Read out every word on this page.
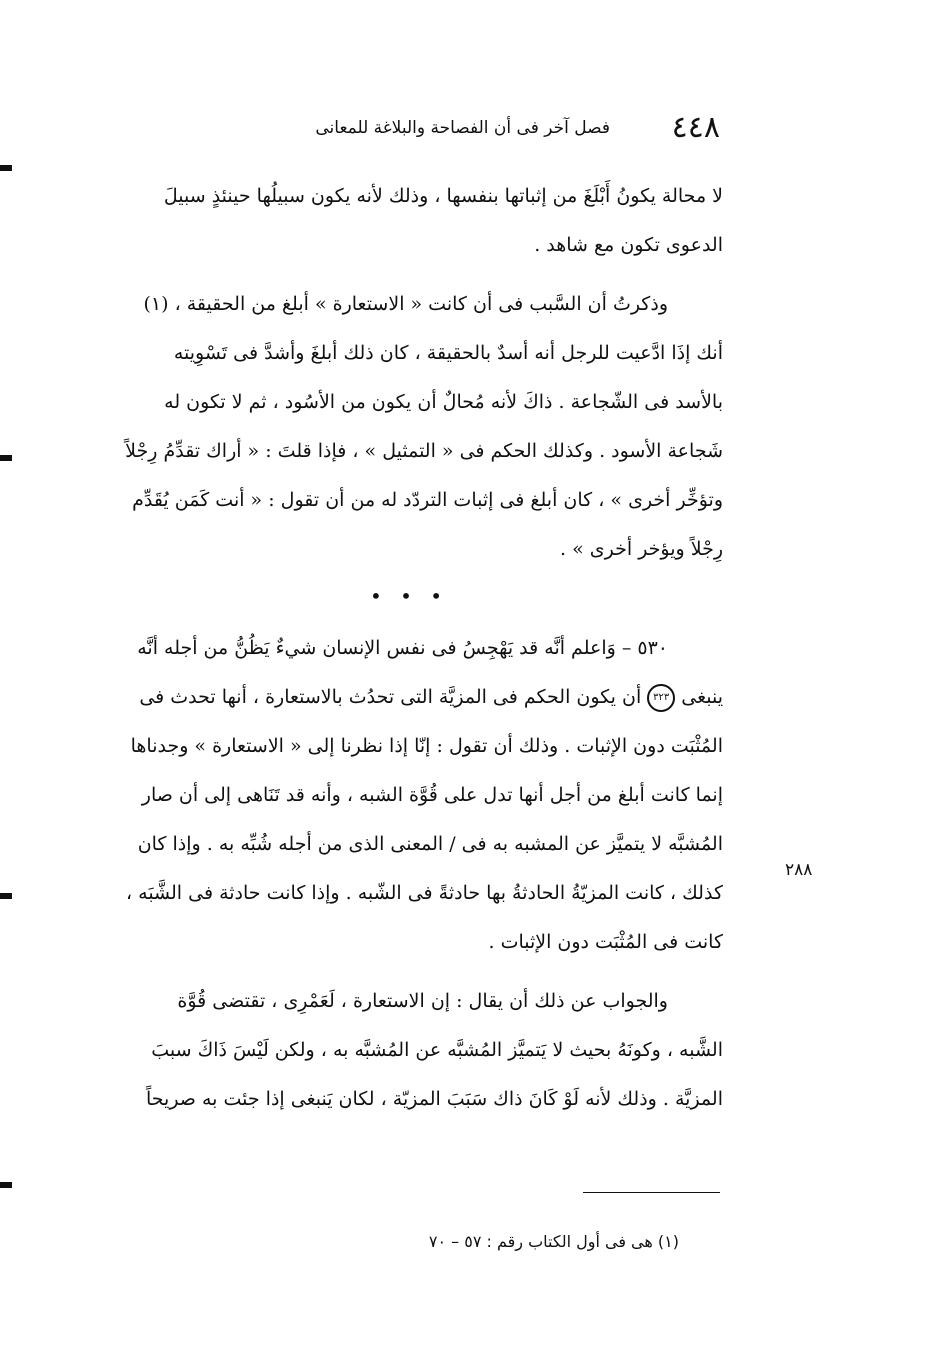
٤٤٨
فصل آخر فى أن الفصاحة والبلاغة للمعانى

لا محالة يكونُ أَبْلَغَ من إثباتها بنفسها ، وذلك لأنه يكون سبيلُها حينئذٍ سبيلَ
الدعوى تكون مع شاهد .

وذكرتُ أن السَّبب فى أن كانت « الاستعارة » أبلغ من الحقيقة ، (١)
أنك إذَا ادَّعيت للرجل أنه أسدٌ بالحقيقة ، كان ذلك أبلغَ وأشدَّ فى تَسْوِيته
بالأسد فى الشّجاعة . ذاكَ لأنه مُحالٌ أن يكون من الأسُود ، ثم لا تكون له
شَجاعة الأسود . وكذلك الحكم فى « التمثيل » ، فإذا قلتَ : « أراك تقدِّمُ رِجْلاً
وتؤخِّر أخرى » ، كان أبلغ فى إثبات التردّد له من أن تقول : « أنت كَمَن يُقَدِّم
رِجْلاً ويؤخر أخرى » .

• • •

٥٣٠ – وَاعلم أنَّه قد يَهْجِسُ فى نفس الإنسان شيءٌ يَظُنُّ من أجله أنَّه
ينبغى٣٢٣أن يكون الحكم فى المزيَّة التى تحدُث بالاستعارة ، أنها تحدث فى
المُثْبَت دون الإثبات . وذلك أن تقول : إنّا إذا نظرنا إلى « الاستعارة » وجدناها
إنما كانت أبلغ من أجل أنها تدل على قُوَّة الشبه ، وأنه قد تَنَاهى إلى أن صار
المُشبَّه لا يتميَّز عن المشبه به فى / المعنى الذى من أجله شُبِّه به . وإذا كان
كذلك ، كانت المزيّةُ الحادثةُ بها حادثةً فى الشّبه . وإذا كانت حادثة فى الشَّبَه ،
كانت فى المُثْبَت دون الإثبات .

والجواب عن ذلك أن يقال : إن الاستعارة ، لَعَمْرِى ، تقتضى قُوَّة
الشَّبه ، وكونَهُ بحيث لا يَتميَّز المُشبَّه عن المُشبَّه به ، ولكن لَيْسَ ذَاكَ سببَ
المزيَّة . وذلك لأنه لَوْ كَانَ ذاك سَبَبَ المزيّة ، لكان يَنبغى إذا جئت به صريحاً

٢٨٨
(١) هى فى أول الكتاب رقم : ٥٧ – ٧٠
